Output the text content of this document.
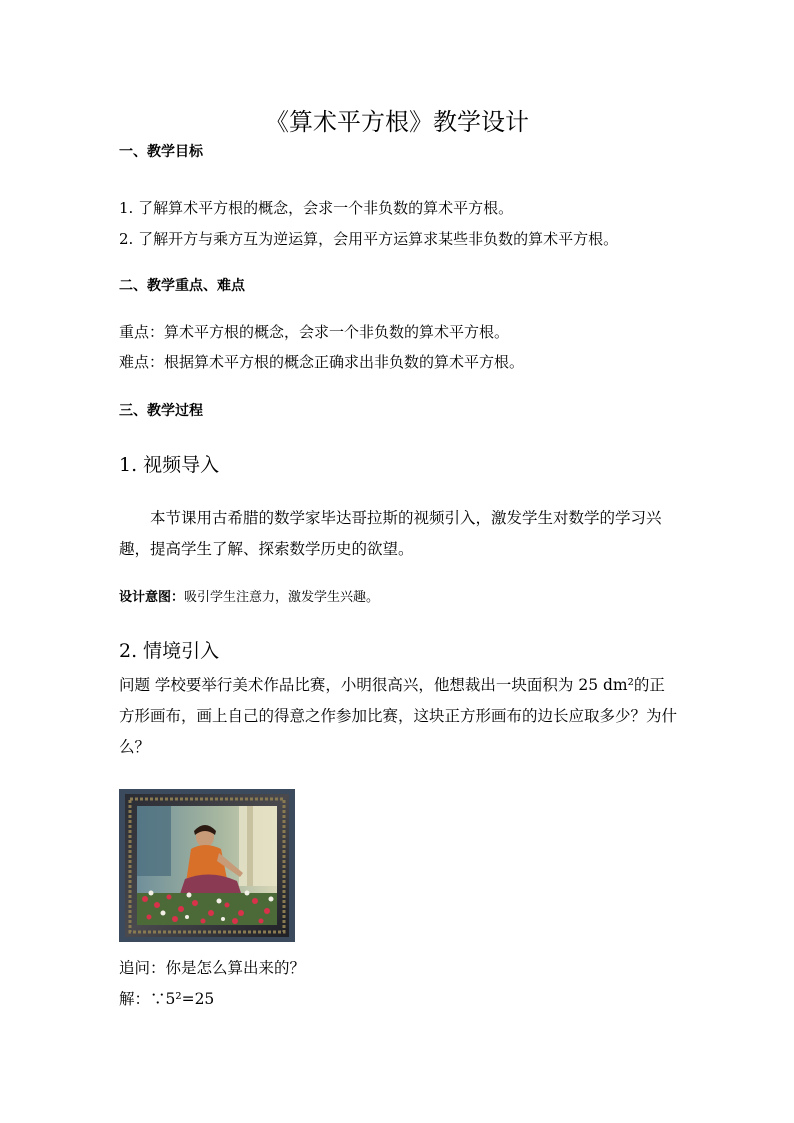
《算术平方根》教学设计
一、教学目标
1. 了解算术平方根的概念，会求一个非负数的算术平方根。
2. 了解开方与乘方互为逆运算，会用平方运算求某些非负数的算术平方根。
二、教学重点、难点
重点：算术平方根的概念，会求一个非负数的算术平方根。
难点：根据算术平方根的概念正确求出非负数的算术平方根。
三、教学过程
1. 视频导入
本节课用古希腊的数学家毕达哥拉斯的视频引入，激发学生对数学的学习兴趣，提高学生了解、探索数学历史的欲望。
设计意图：吸引学生注意力，激发学生兴趣。
2. 情境引入
问题 学校要举行美术作品比赛，小明很高兴，他想裁出一块面积为 25 dm²的正方形画布，画上自己的得意之作参加比赛，这块正方形画布的边长应取多少？为什么？
追问：你是怎么算出来的？
解：∵5²=25
